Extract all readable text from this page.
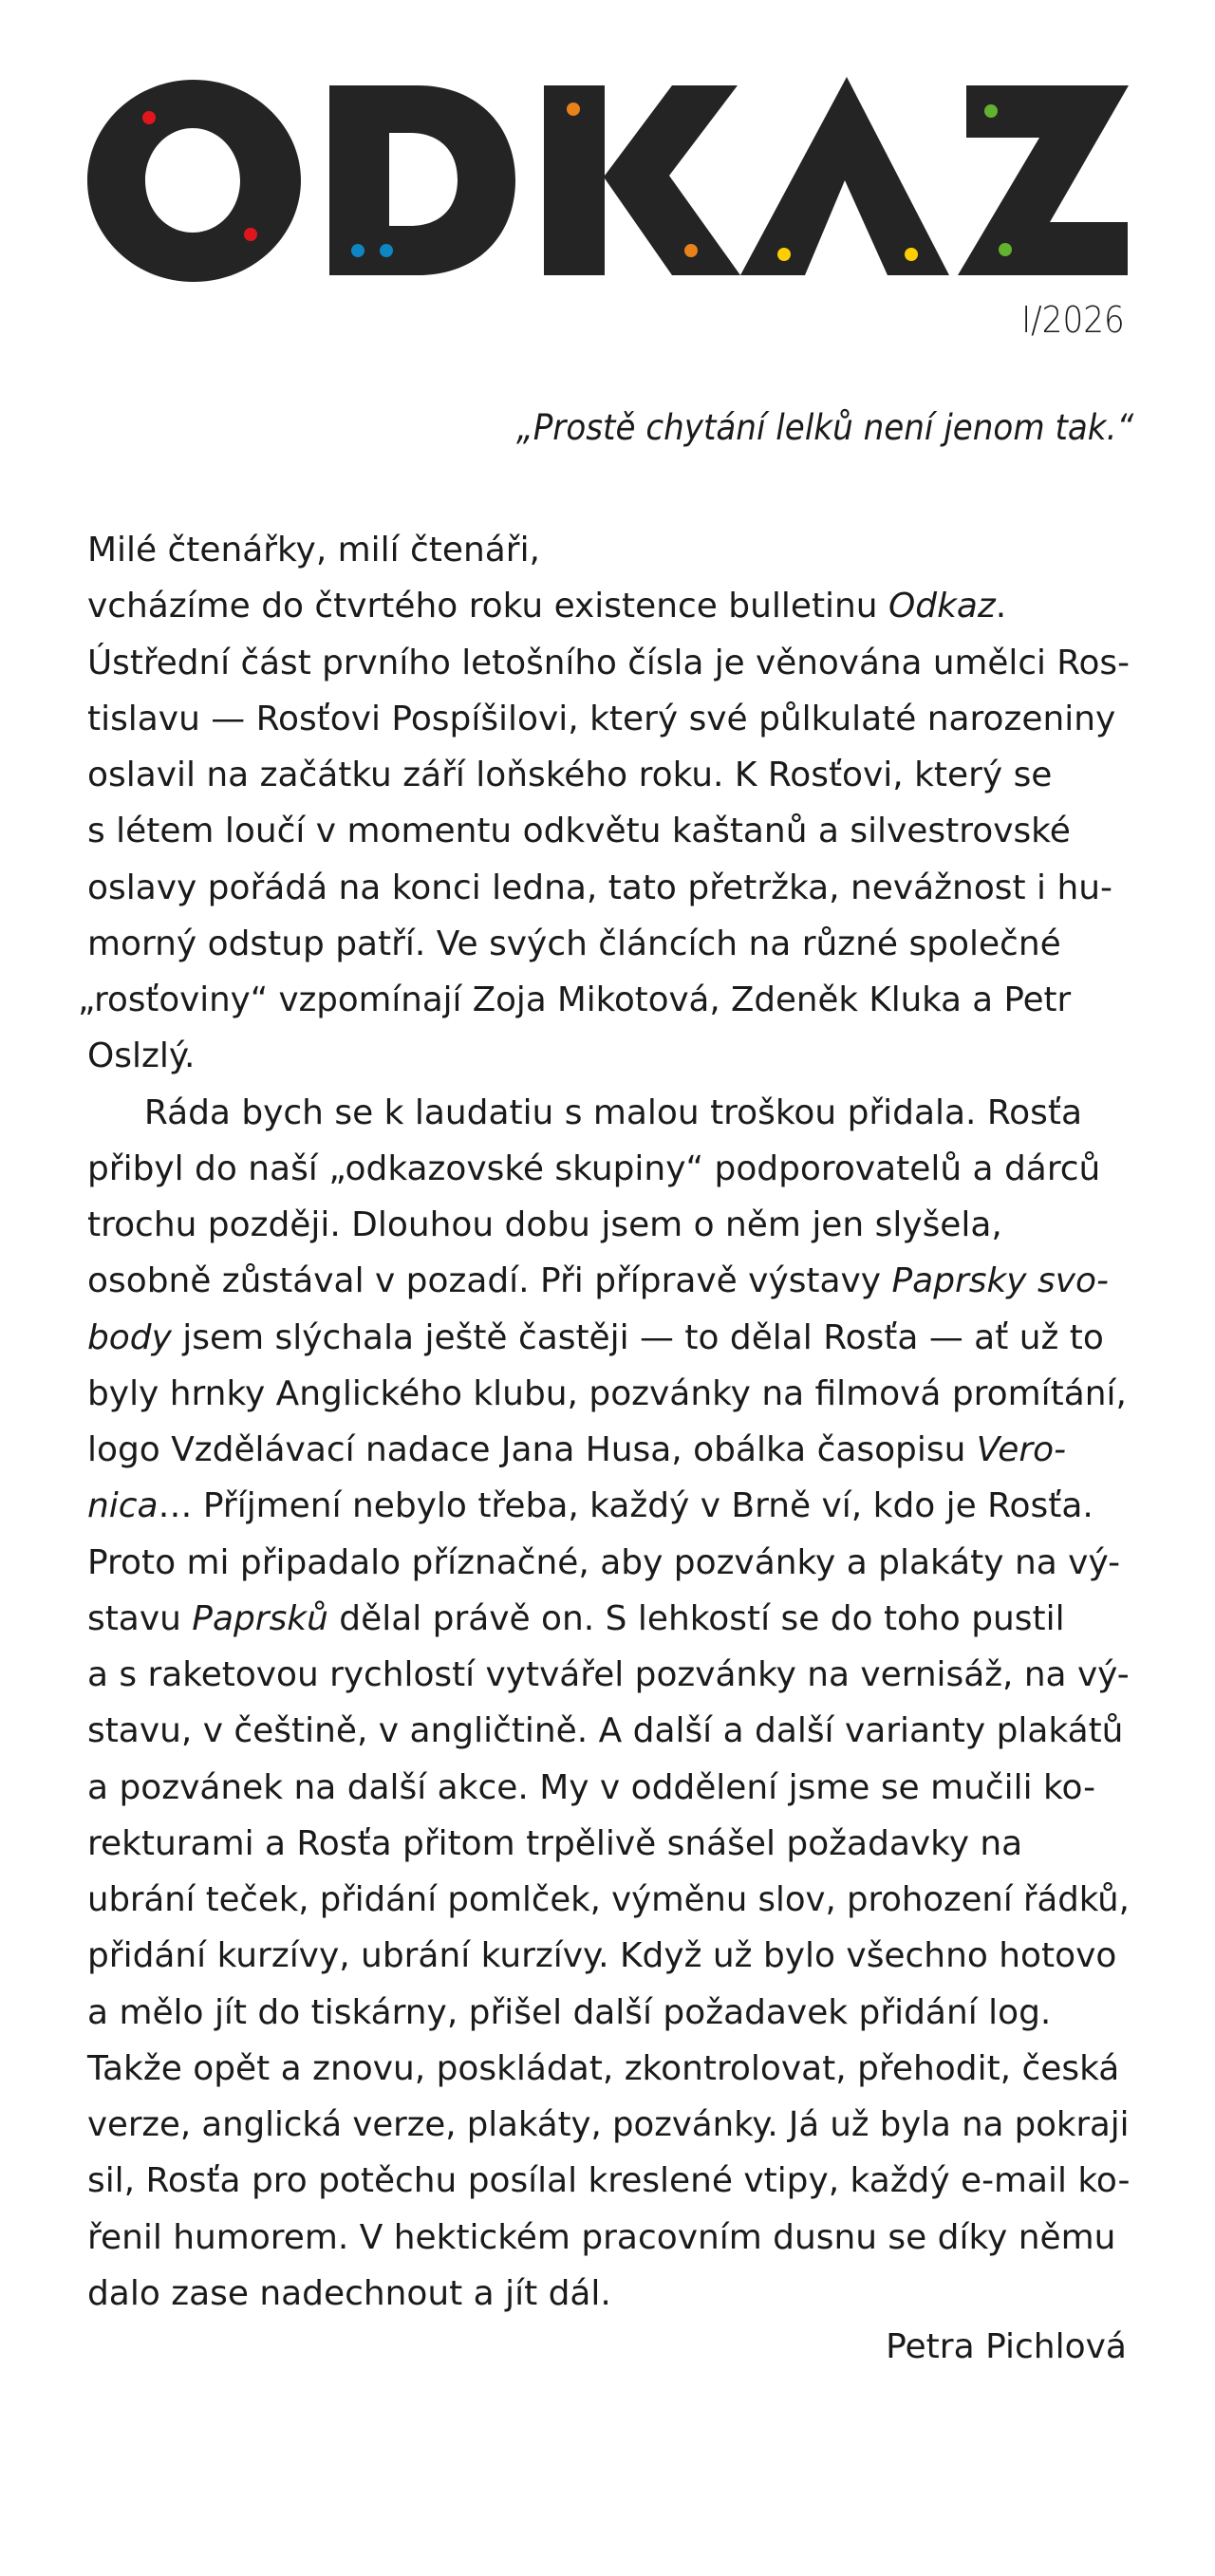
I/2026
„Prostě chytání lelků není jenom tak.“
Milé čtenářky, milí čtenáři,
vcházíme do čtvrtého roku existence bulletinu Odkaz.
Ústřední část prvního letošního čísla je věnována umělci Ros-
tislavu — Rosťovi Pospíšilovi, který své půlkulaté narozeniny
oslavil na začátku září loňského roku. K Rosťovi, který se
s létem loučí v momentu odkvětu kaštanů a silvestrovské
oslavy pořádá na konci ledna, tato přetržka, nevážnost i hu-
morný odstup patří. Ve svých článcích na různé společné
„rosťoviny“ vzpomínají Zoja Mikotová, Zdeněk Kluka a Petr
Oslzlý.
Ráda bych se k laudatiu s malou troškou přidala. Rosťa
přibyl do naší „odkazovské skupiny“ podporovatelů a dárců
trochu později. Dlouhou dobu jsem o něm jen slyšela,
osobně zůstával v pozadí. Při přípravě výstavy Paprsky svo-
body jsem slýchala ještě častěji — to dělal Rosťa — ať už to
byly hrnky Anglického klubu, pozvánky na filmová promítání,
logo Vzdělávací nadace Jana Husa, obálka časopisu Vero-
nica… Příjmení nebylo třeba, každý v Brně ví, kdo je Rosťa.
Proto mi připadalo příznačné, aby pozvánky a plakáty na vý-
stavu Paprsků dělal právě on. S lehkostí se do toho pustil
a s raketovou rychlostí vytvářel pozvánky na vernisáž, na vý-
stavu, v češtině, v angličtině. A další a další varianty plakátů
a pozvánek na další akce. My v oddělení jsme se mučili ko-
rekturami a Rosťa přitom trpělivě snášel požadavky na
ubrání teček, přidání pomlček, výměnu slov, prohození řádků,
přidání kurzívy, ubrání kurzívy. Když už bylo všechno hotovo
a mělo jít do tiskárny, přišel další požadavek přidání log.
Takže opět a znovu, poskládat, zkontrolovat, přehodit, česká
verze, anglická verze, plakáty, pozvánky. Já už byla na pokraji
sil, Rosťa pro potěchu posílal kreslené vtipy, každý e-mail ko-
řenil humorem. V hektickém pracovním dusnu se díky němu
dalo zase nadechnout a jít dál.
Petra Pichlová
